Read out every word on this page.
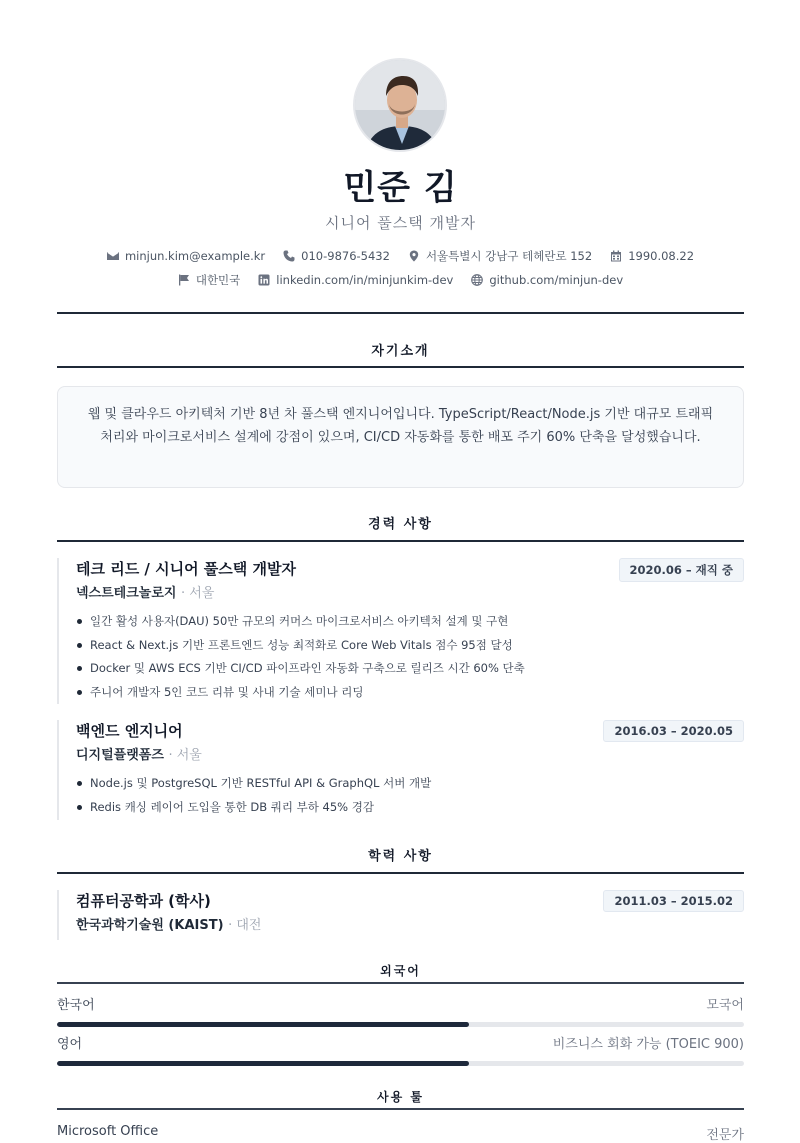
민준 김
시니어 풀스택 개발자
minjun.kim@example.kr	010-9876-5432	서울특별시 강남구 테헤란로 152	1990.08.22
대한민국	linkedin.com/in/minjunkim-dev	github.com/minjun-dev
자기소개
웹 및 클라우드 아키텍처 기반 8년 차 풀스택 엔지니어입니다. TypeScript/React/Node.js 기반 대규모 트래픽 처리와 마이크로서비스 설계에 강점이 있으며, CI/CD 자동화를 통한 배포 주기 60% 단축을 달성했습니다.
경력 사항
테크 리드 / 시니어 풀스택 개발자	2020.06 – 재직 중
넥스트테크놀로지 · 서울
일간 활성 사용자(DAU) 50만 규모의 커머스 마이크로서비스 아키텍처 설계 및 구현
React & Next.js 기반 프론트엔드 성능 최적화로 Core Web Vitals 점수 95점 달성
Docker 및 AWS ECS 기반 CI/CD 파이프라인 자동화 구축으로 릴리즈 시간 60% 단축
주니어 개발자 5인 코드 리뷰 및 사내 기술 세미나 리딩
백엔드 엔지니어	2016.03 – 2020.05
디지털플랫폼즈 · 서울
Node.js 및 PostgreSQL 기반 RESTful API & GraphQL 서버 개발
Redis 캐싱 레이어 도입을 통한 DB 쿼리 부하 45% 경감
학력 사항
컴퓨터공학과 (학사)	2011.03 – 2015.02
한국과학기술원 (KAIST) · 대전
외국어
한국어	모국어
영어	비즈니스 회화 가능 (TOEIC 900)
사용 툴
Microsoft Office	전문가
